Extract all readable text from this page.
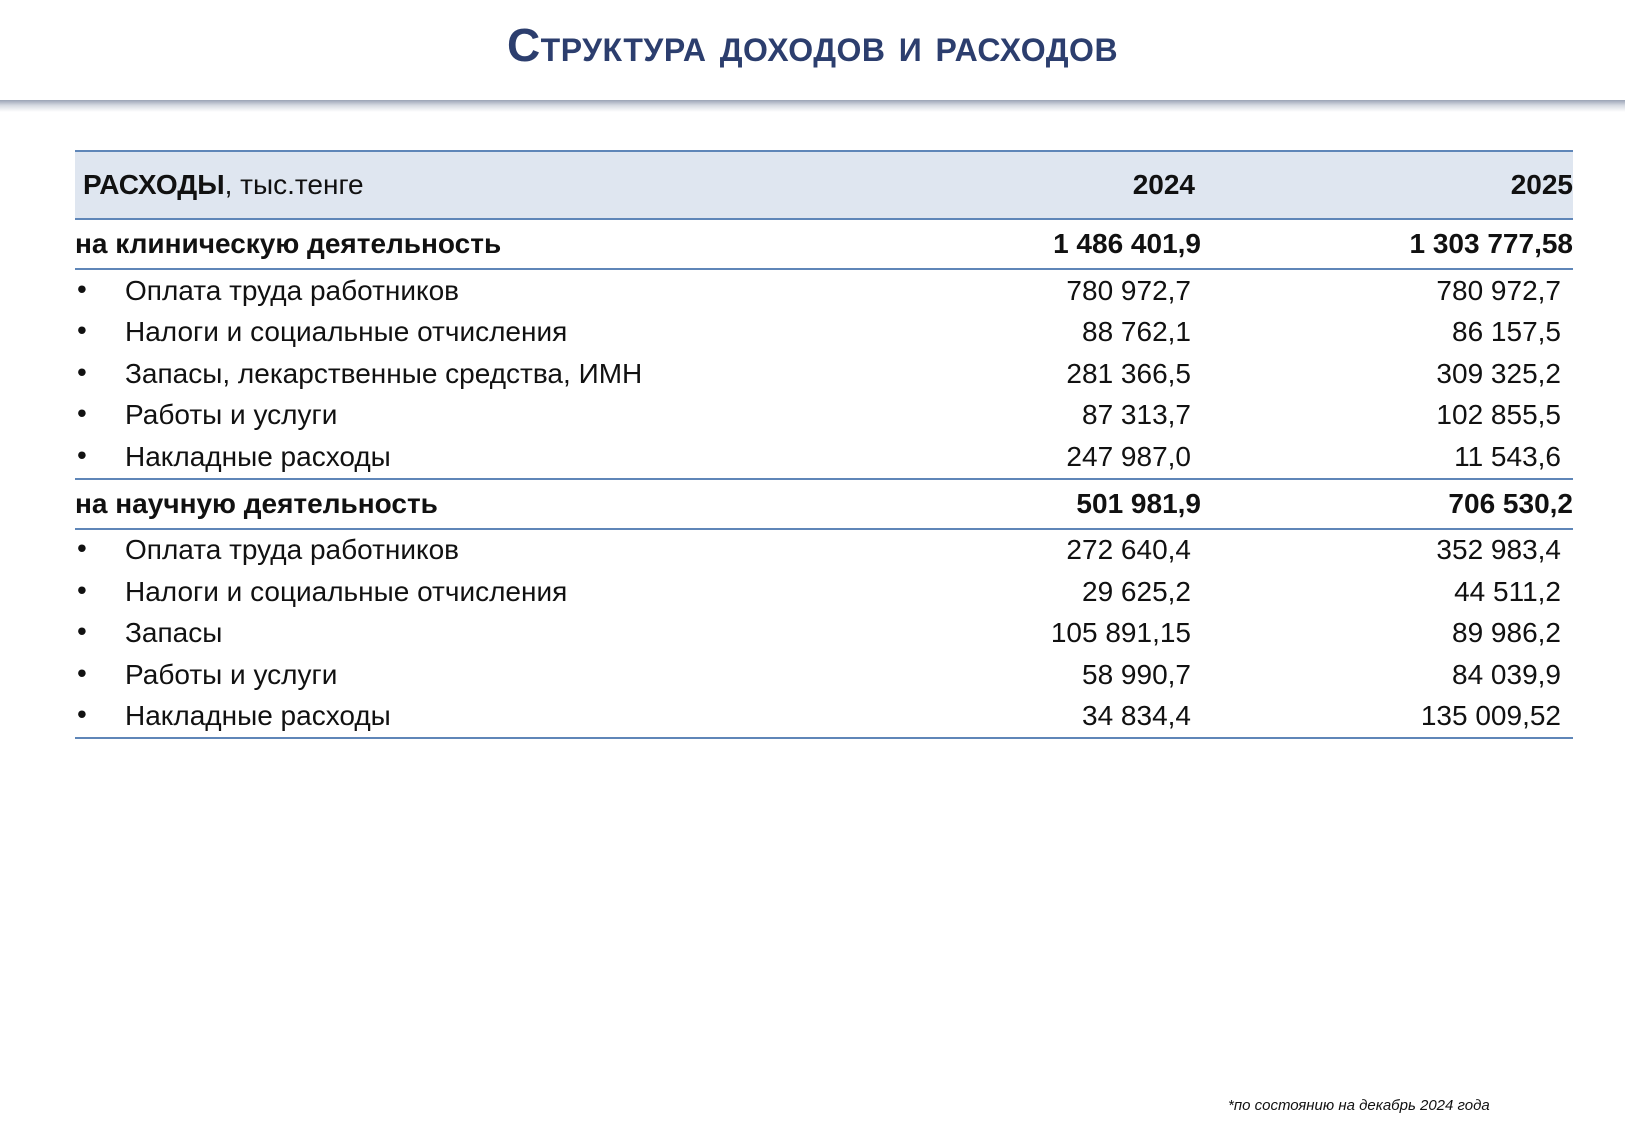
Структура доходов и расходов
РАСХОДЫ, тыс.тенге	2024	2025
на клиническую деятельность	1 486 401,9	1 303 777,58

• Оплата труда работников	780 972,7	780 972,7

• Налоги и социальные отчисления	88 762,1	86 157,5

• Запасы, лекарственные средства, ИМН	281 366,5	309 325,2

• Работы и услуги	87 313,7	102 855,5

• Накладные расходы	247 987,0	11 543,6
на научную деятельность	501 981,9	706 530,2

• Оплата труда работников	272 640,4	352 983,4

• Налоги и социальные отчисления	29 625,2	44 511,2

• Запасы	105 891,15	89 986,2

• Работы и услуги	58 990,7	84 039,9

• Накладные расходы	34 834,4	135 009,52
*по состоянию на декабрь 2024 года
